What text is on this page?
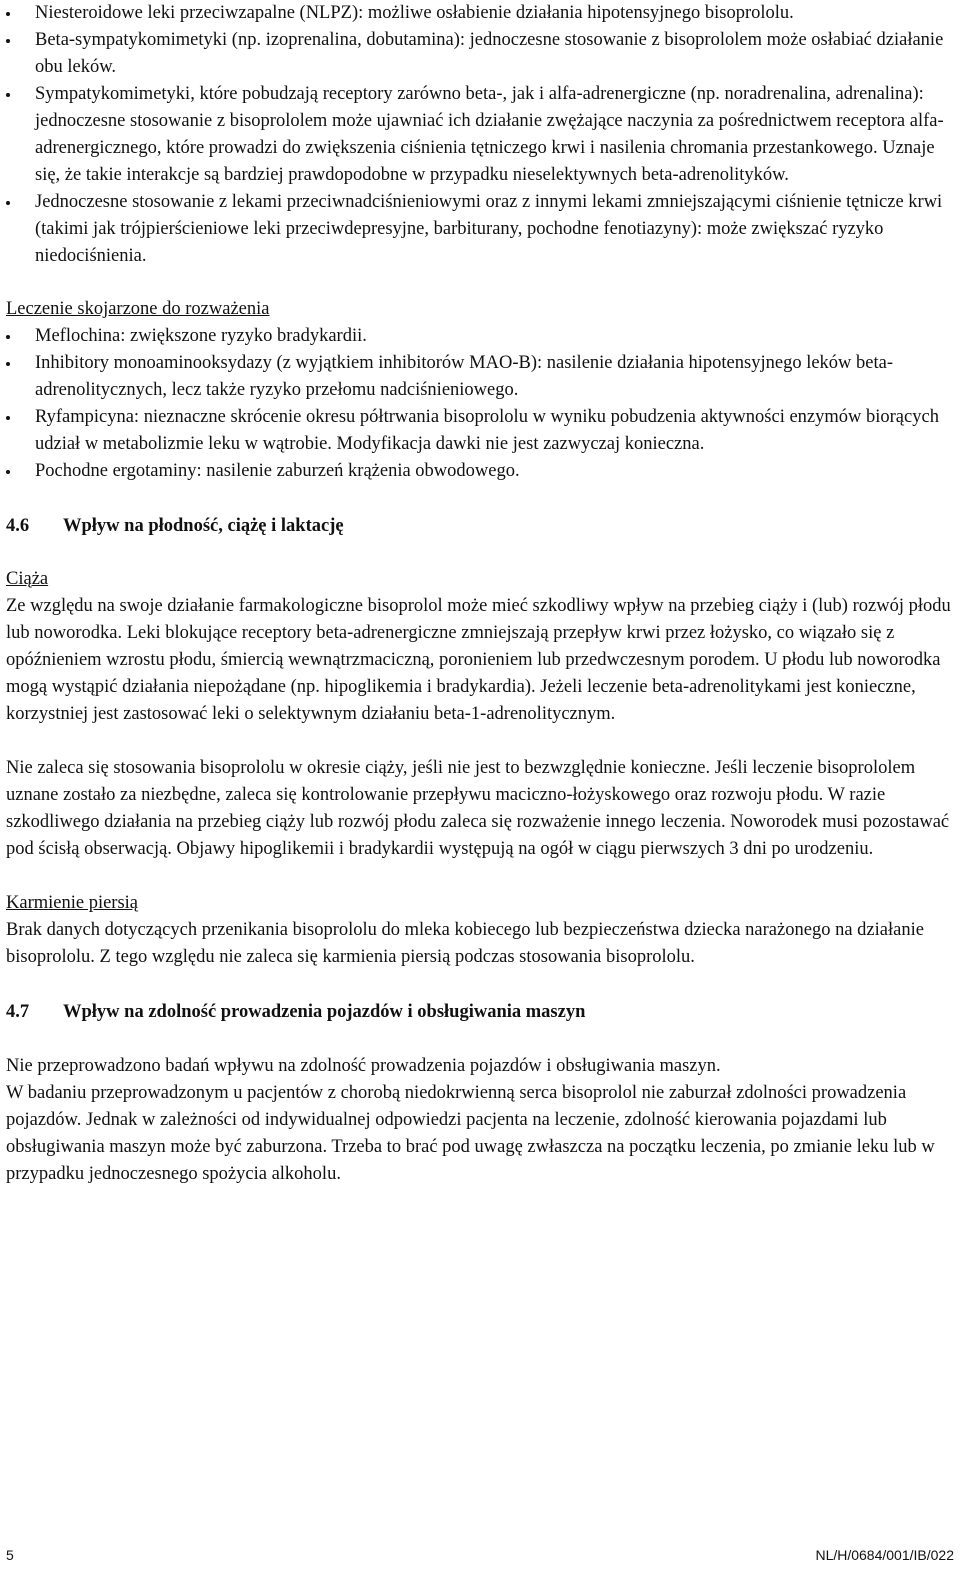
Niesteroidowe leki przeciwzapalne (NLPZ): możliwe osłabienie działania hipotensyjnego bisoprololu.
Beta-sympatykomimetyki (np. izoprenalina, dobutamina): jednoczesne stosowanie z bisoprololem może osłabiać działanie obu leków.
Sympatykomimetyki, które pobudzają receptory zarówno beta-, jak i alfa-adrenergiczne (np. noradrenalina, adrenalina): jednoczesne stosowanie z bisoprololem może ujawniać ich działanie zwężające naczynia za pośrednictwem receptora alfa-adrenergicznego, które prowadzi do zwiększenia ciśnienia tętniczego krwi i nasilenia chromania przestankowego. Uznaje się, że takie interakcje są bardziej prawdopodobne w przypadku nieselektywnych beta-adrenolityków.
Jednoczesne stosowanie z lekami przeciwnadciśnieniowymi oraz z innymi lekami zmniejszającymi ciśnienie tętnicze krwi (takimi jak trójpierścieniowe leki przeciwdepresyjne, barbiturany, pochodne fenotiazyny): może zwiększać ryzyko niedociśnienia.

Leczenie skojarzone do rozważenia

Meflochina: zwiększone ryzyko bradykardii.
Inhibitory monoaminooksydazy (z wyjątkiem inhibitorów MAO-B): nasilenie działania hipotensyjnego leków beta-adrenolitycznych, lecz także ryzyko przełomu nadciśnieniowego.
Ryfampicyna: nieznaczne skrócenie okresu półtrwania bisoprololu w wyniku pobudzenia aktywności enzymów biorących udział w metabolizmie leku w wątrobie. Modyfikacja dawki nie jest zazwyczaj konieczna.
Pochodne ergotaminy: nasilenie zaburzeń krążenia obwodowego.
4.6	Wpływ na płodność, ciążę i laktację

Ciąża

Ze względu na swoje działanie farmakologiczne bisoprolol może mieć szkodliwy wpływ na przebieg ciąży i (lub) rozwój płodu lub noworodka. Leki blokujące receptory beta-adrenergiczne zmniejszają przepływ krwi przez łożysko, co wiązało się z opóźnieniem wzrostu płodu, śmiercią wewnątrzmaciczną, poronieniem lub przedwczesnym porodem. U płodu lub noworodka mogą wystąpić działania niepożądane (np. hipoglikemia i bradykardia). Jeżeli leczenie beta-adrenolitykami jest konieczne, korzystniej jest zastosować leki o selektywnym działaniu beta-1-adrenolitycznym.

Nie zaleca się stosowania bisoprololu w okresie ciąży, jeśli nie jest to bezwzględnie konieczne. Jeśli leczenie bisoprololem uznane zostało za niezbędne, zaleca się kontrolowanie przepływu maciczno-łożyskowego oraz rozwoju płodu. W razie szkodliwego działania na przebieg ciąży lub rozwój płodu zaleca się rozważenie innego leczenia. Noworodek musi pozostawać pod ścisłą obserwacją. Objawy hipoglikemii i bradykardii występują na ogół w ciągu pierwszych 3 dni po urodzeniu.

Karmienie piersią

Brak danych dotyczących przenikania bisoprololu do mleka kobiecego lub bezpieczeństwa dziecka narażonego na działanie bisoprololu. Z tego względu nie zaleca się karmienia piersią podczas stosowania bisoprololu.

4.7	Wpływ na zdolność prowadzenia pojazdów i obsługiwania maszyn

Nie przeprowadzono badań wpływu na zdolność prowadzenia pojazdów i obsługiwania maszyn.

W badaniu przeprowadzonym u pacjentów z chorobą niedokrwienną serca bisoprolol nie zaburzał zdolności prowadzenia pojazdów. Jednak w zależności od indywidualnej odpowiedzi pacjenta na leczenie, zdolność kierowania pojazdami lub obsługiwania maszyn może być zaburzona. Trzeba to brać pod uwagę zwłaszcza na początku leczenia, po zmianie leku lub w przypadku jednoczesnego spożycia alkoholu.

5	NL/H/0684/001/IB/022
